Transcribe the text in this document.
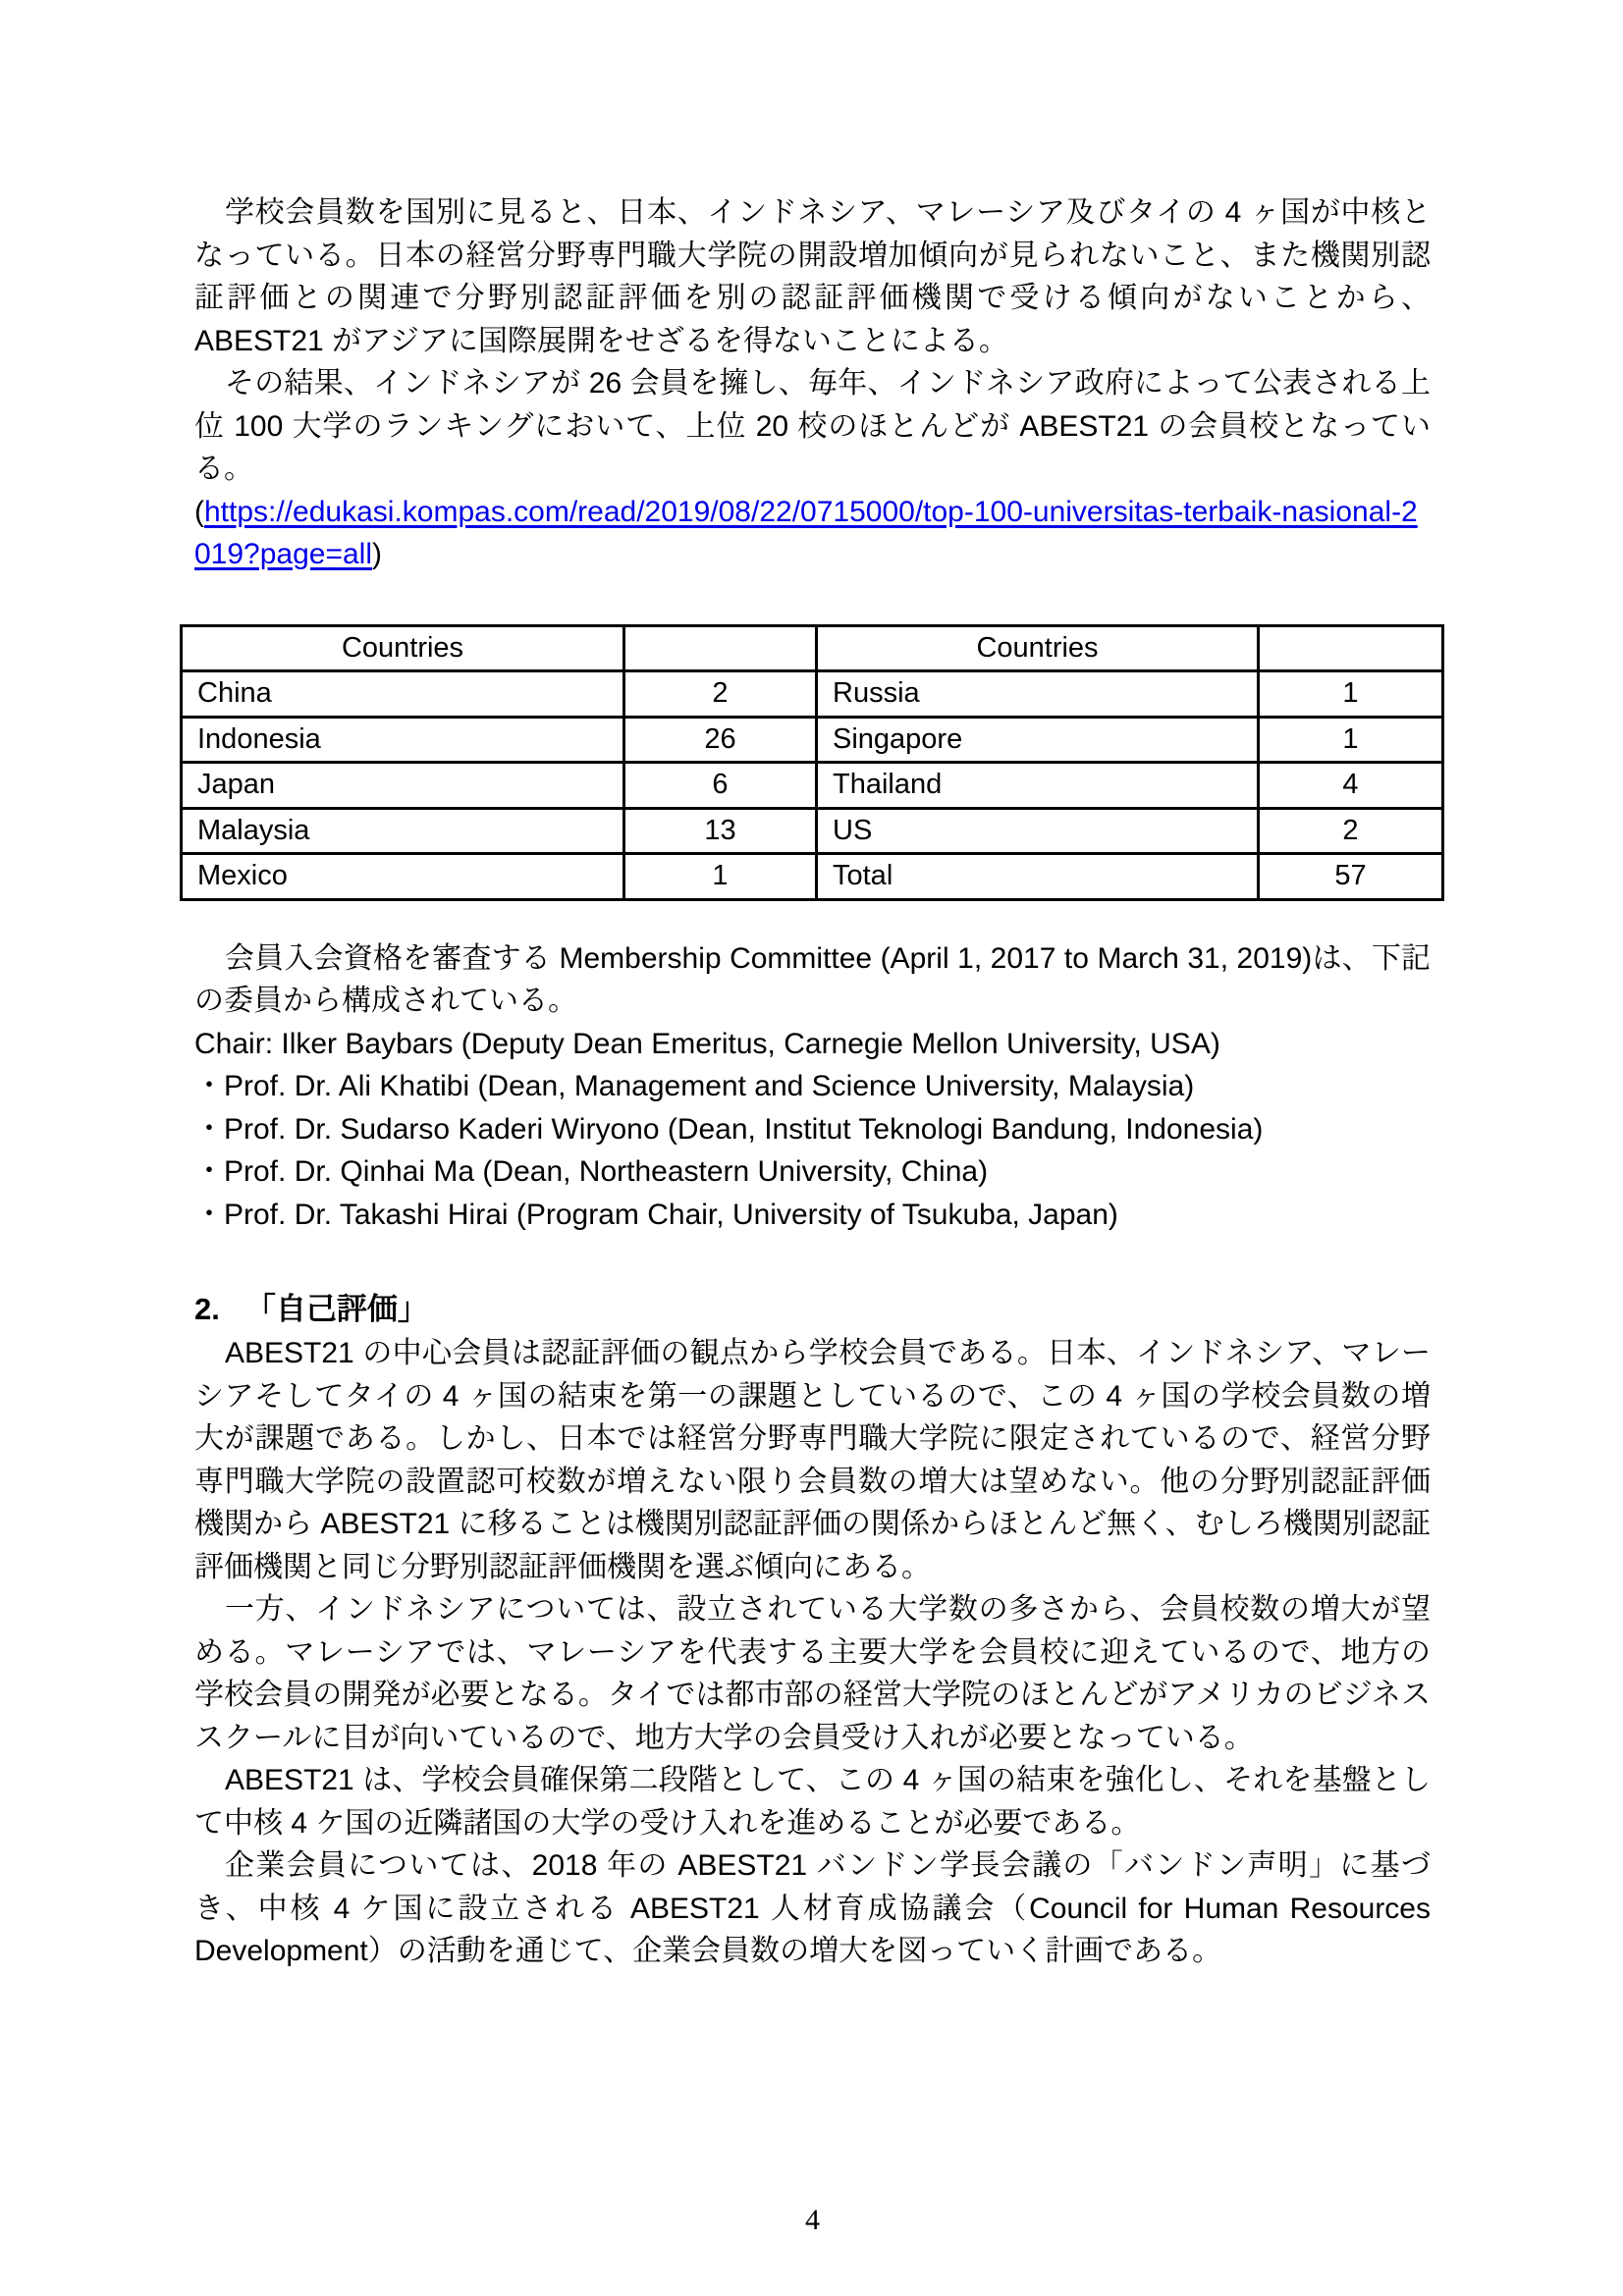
学校会員数を国別に見ると、日本、インドネシア、マレーシア及びタイの 4 ヶ国が中核となっている。日本の経営分野専門職大学院の開設増加傾向が見られないこと、また機関別認証評価との関連で分野別認証評価を別の認証評価機関で受ける傾向がないことから、ABEST21 がアジアに国際展開をせざるを得ないことによる。

その結果、インドネシアが 26 会員を擁し、毎年、インドネシア政府によって公表される上位 100 大学のランキングにおいて、上位 20 校のほとんどが ABEST21 の会員校となっている。

(https://edukasi.kompas.com/read/2019/08/22/0715000/top-100-universitas-terbaik-nasional-2019?page=all)

Countries		Countries	
China	2	Russia	1
Indonesia	26	Singapore	1
Japan	6	Thailand	4
Malaysia	13	US	2
Mexico	1	Total	57

会員入会資格を審査する Membership Committee (April 1, 2017 to March 31, 2019)は、下記の委員から構成されている。

Chair: Ilker Baybars (Deputy Dean Emeritus, Carnegie Mellon University, USA)

・Prof. Dr. Ali Khatibi (Dean, Management and Science University, Malaysia)

・Prof. Dr. Sudarso Kaderi Wiryono (Dean, Institut Teknologi Bandung, Indonesia)

・Prof. Dr. Qinhai Ma (Dean, Northeastern University, China)

・Prof. Dr. Takashi Hirai (Program Chair, University of Tsukuba, Japan)

2. 「自己評価」

ABEST21 の中心会員は認証評価の観点から学校会員である。日本、インドネシア、マレーシアそしてタイの 4 ヶ国の結束を第一の課題としているので、この 4 ヶ国の学校会員数の増大が課題である。しかし、日本では経営分野専門職大学院に限定されているので、経営分野専門職大学院の設置認可校数が増えない限り会員数の増大は望めない。他の分野別認証評価機関から ABEST21 に移ることは機関別認証評価の関係からほとんど無く、むしろ機関別認証評価機関と同じ分野別認証評価機関を選ぶ傾向にある。

一方、インドネシアについては、設立されている大学数の多さから、会員校数の増大が望める。マレーシアでは、マレーシアを代表する主要大学を会員校に迎えているので、地方の学校会員の開発が必要となる。タイでは都市部の経営大学院のほとんどがアメリカのビジネススクールに目が向いているので、地方大学の会員受け入れが必要となっている。

ABEST21 は、学校会員確保第二段階として、この 4 ヶ国の結束を強化し、それを基盤として中核 4 ケ国の近隣諸国の大学の受け入れを進めることが必要である。

企業会員については、2018 年の ABEST21 バンドン学長会議の「バンドン声明」に基づき、中核 4 ケ国に設立される ABEST21 人材育成協議会（Council for Human Resources Development）の活動を通じて、企業会員数の増大を図っていく計画である。

4
